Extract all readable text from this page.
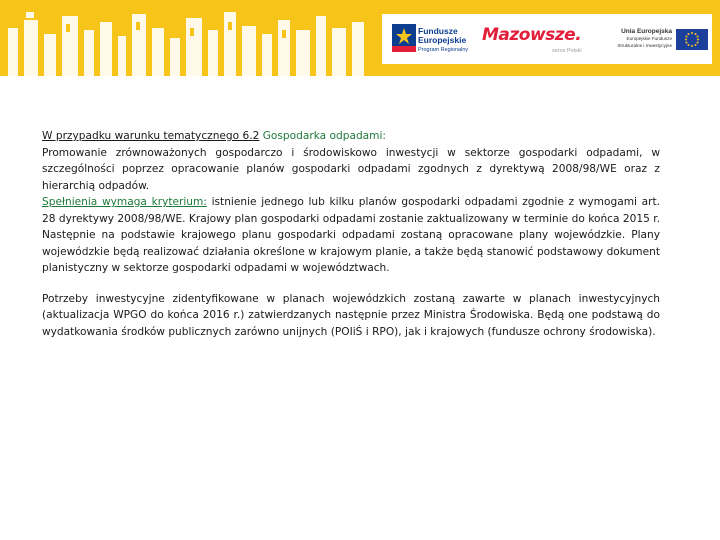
Fundusze
Europejskie
Program Regionalny
Mazowsze.
serce Polski
Unia Europejska
Europejskie Fundusze
Strukturalne i Inwestycyjne

W przypadku warunku tematycznego 6.2 Gospodarka odpadami:

Promowanie zrównoważonych gospodarczo i środowiskowo inwestycji w sektorze gospodarki odpadami, w szczególności poprzez opracowanie planów gospodarki odpadami zgodnych z dyrektywą 2008/98/WE oraz z hierarchią odpadów.

Spełnienia wymaga kryterium: istnienie jednego lub kilku planów gospodarki odpadami zgodnie z wymogami art. 28 dyrektywy 2008/98/WE. Krajowy plan gospodarki odpadami zostanie zaktualizowany w terminie do końca 2015 r. Następnie na podstawie krajowego planu gospodarki odpadami zostaną opracowane plany wojewódzkie. Plany wojewódzkie będą realizować działania określone w krajowym planie, a także będą stanowić podstawowy dokument planistyczny w sektorze gospodarki odpadami w województwach.

Potrzeby inwestycyjne zidentyfikowane w planach wojewódzkich zostaną zawarte w planach inwestycyjnych (aktualizacja WPGO do końca 2016 r.) zatwierdzanych następnie przez Ministra Środowiska. Będą one podstawą do wydatkowania środków publicznych zarówno unijnych (POIiŚ i RPO), jak i krajowych (fundusze ochrony środowiska).
